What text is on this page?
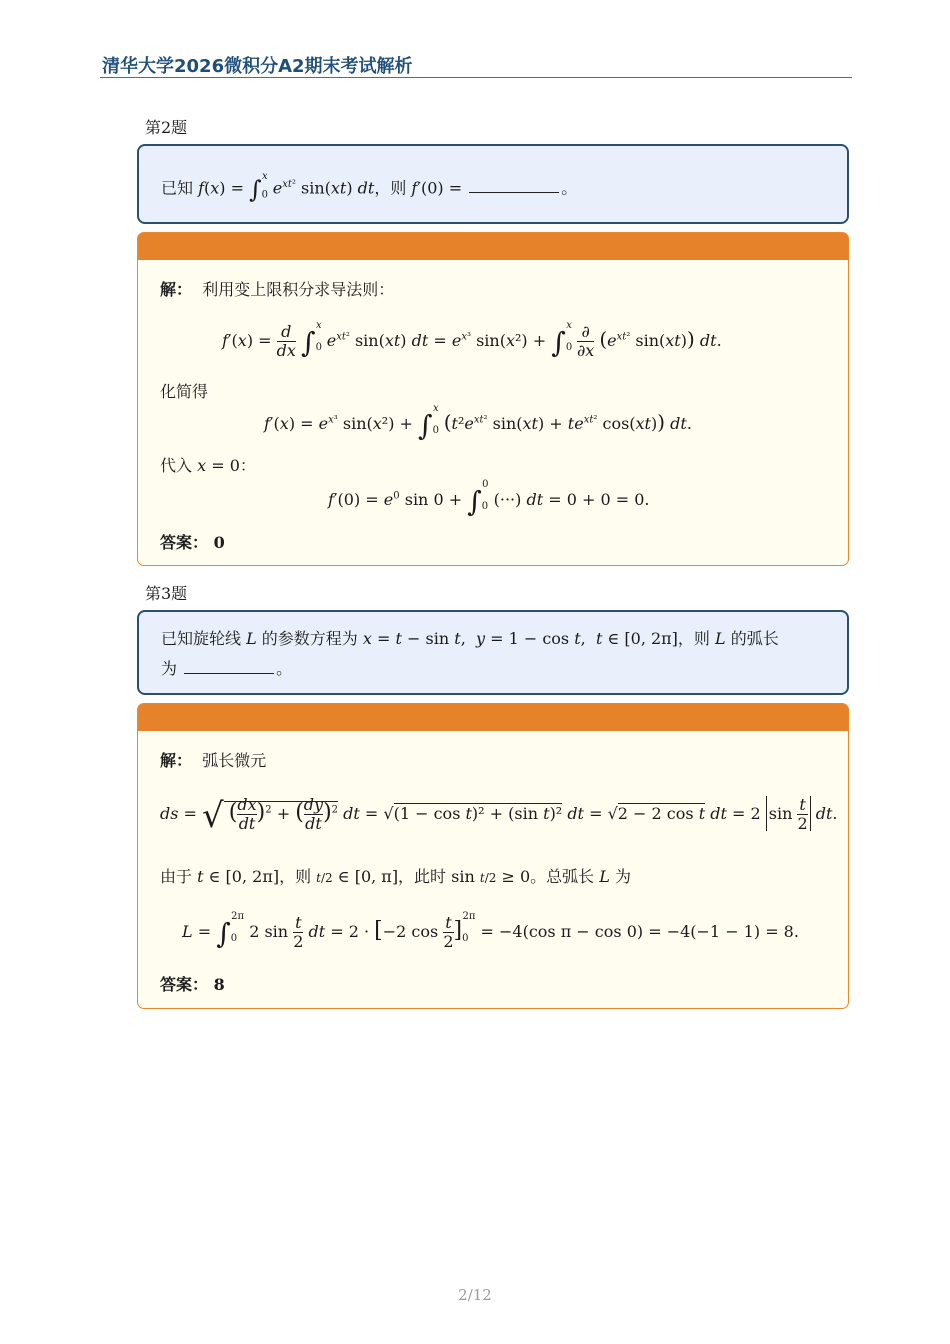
清华大学2026微积分A2期末考试解析
第2题
已知 $f(x) = \int_0^x$ $e^{xt^2}$ sin(xt) dt，则 f′(0) =	。
解：  利用变上限积分求导法则：
$f'(x) = \frac{d}{dx} \int_0^x$ $e^{xt^2}$ sin(xt) dt = $e^{x^3}$ $\sin(x^2) + \int_0^x$ ∂

∂x ($e^{xt^2}$ sin(xt)) dt.
化简得
$f'(x) = e^{x^3}$ $\sin(x^2) + \int_0^x$ ($t^2e^{xt^2}$ $\sin(xt) + te^{xt^2}$ cos(xt)) dt.
代入 x = 0：
$f'(0) = e^0$ $\sin 0 + \int_0^0$ (···) dt = 0 + 0 = 0.
答案： 0
第3题
已知旋轮线 L 的参数方程为 x = t − sin t,  y = 1 − cos t,  t ∈ [0, 2π]，则 L 的弧长
为	。
解：  弧长微元
ds = √ $(\frac{dx}{dt} )^2 + (\frac{dy}{dt} )^2$ dt = √(1 − cos t)² + (sin t)² dt = √2 − 2 cos t dt = 2 $\sin \frac{t}{2}$ dt.
由于 t ∈ [0, 2π]，则 t/2 ∈ [0, π]，此时 sin t/2 ≥ 0。总弧长 L 为
$L = \int_0^{2\pi}$ 2 $\sin \frac{t}{2}$ dt = 2 · [−2 $\cos \frac{t}{2} ]_0^{2\pi} = -4(\cos$ π − cos 0) = −4(−1 − 1) = 8.
答案： 8
2/12
